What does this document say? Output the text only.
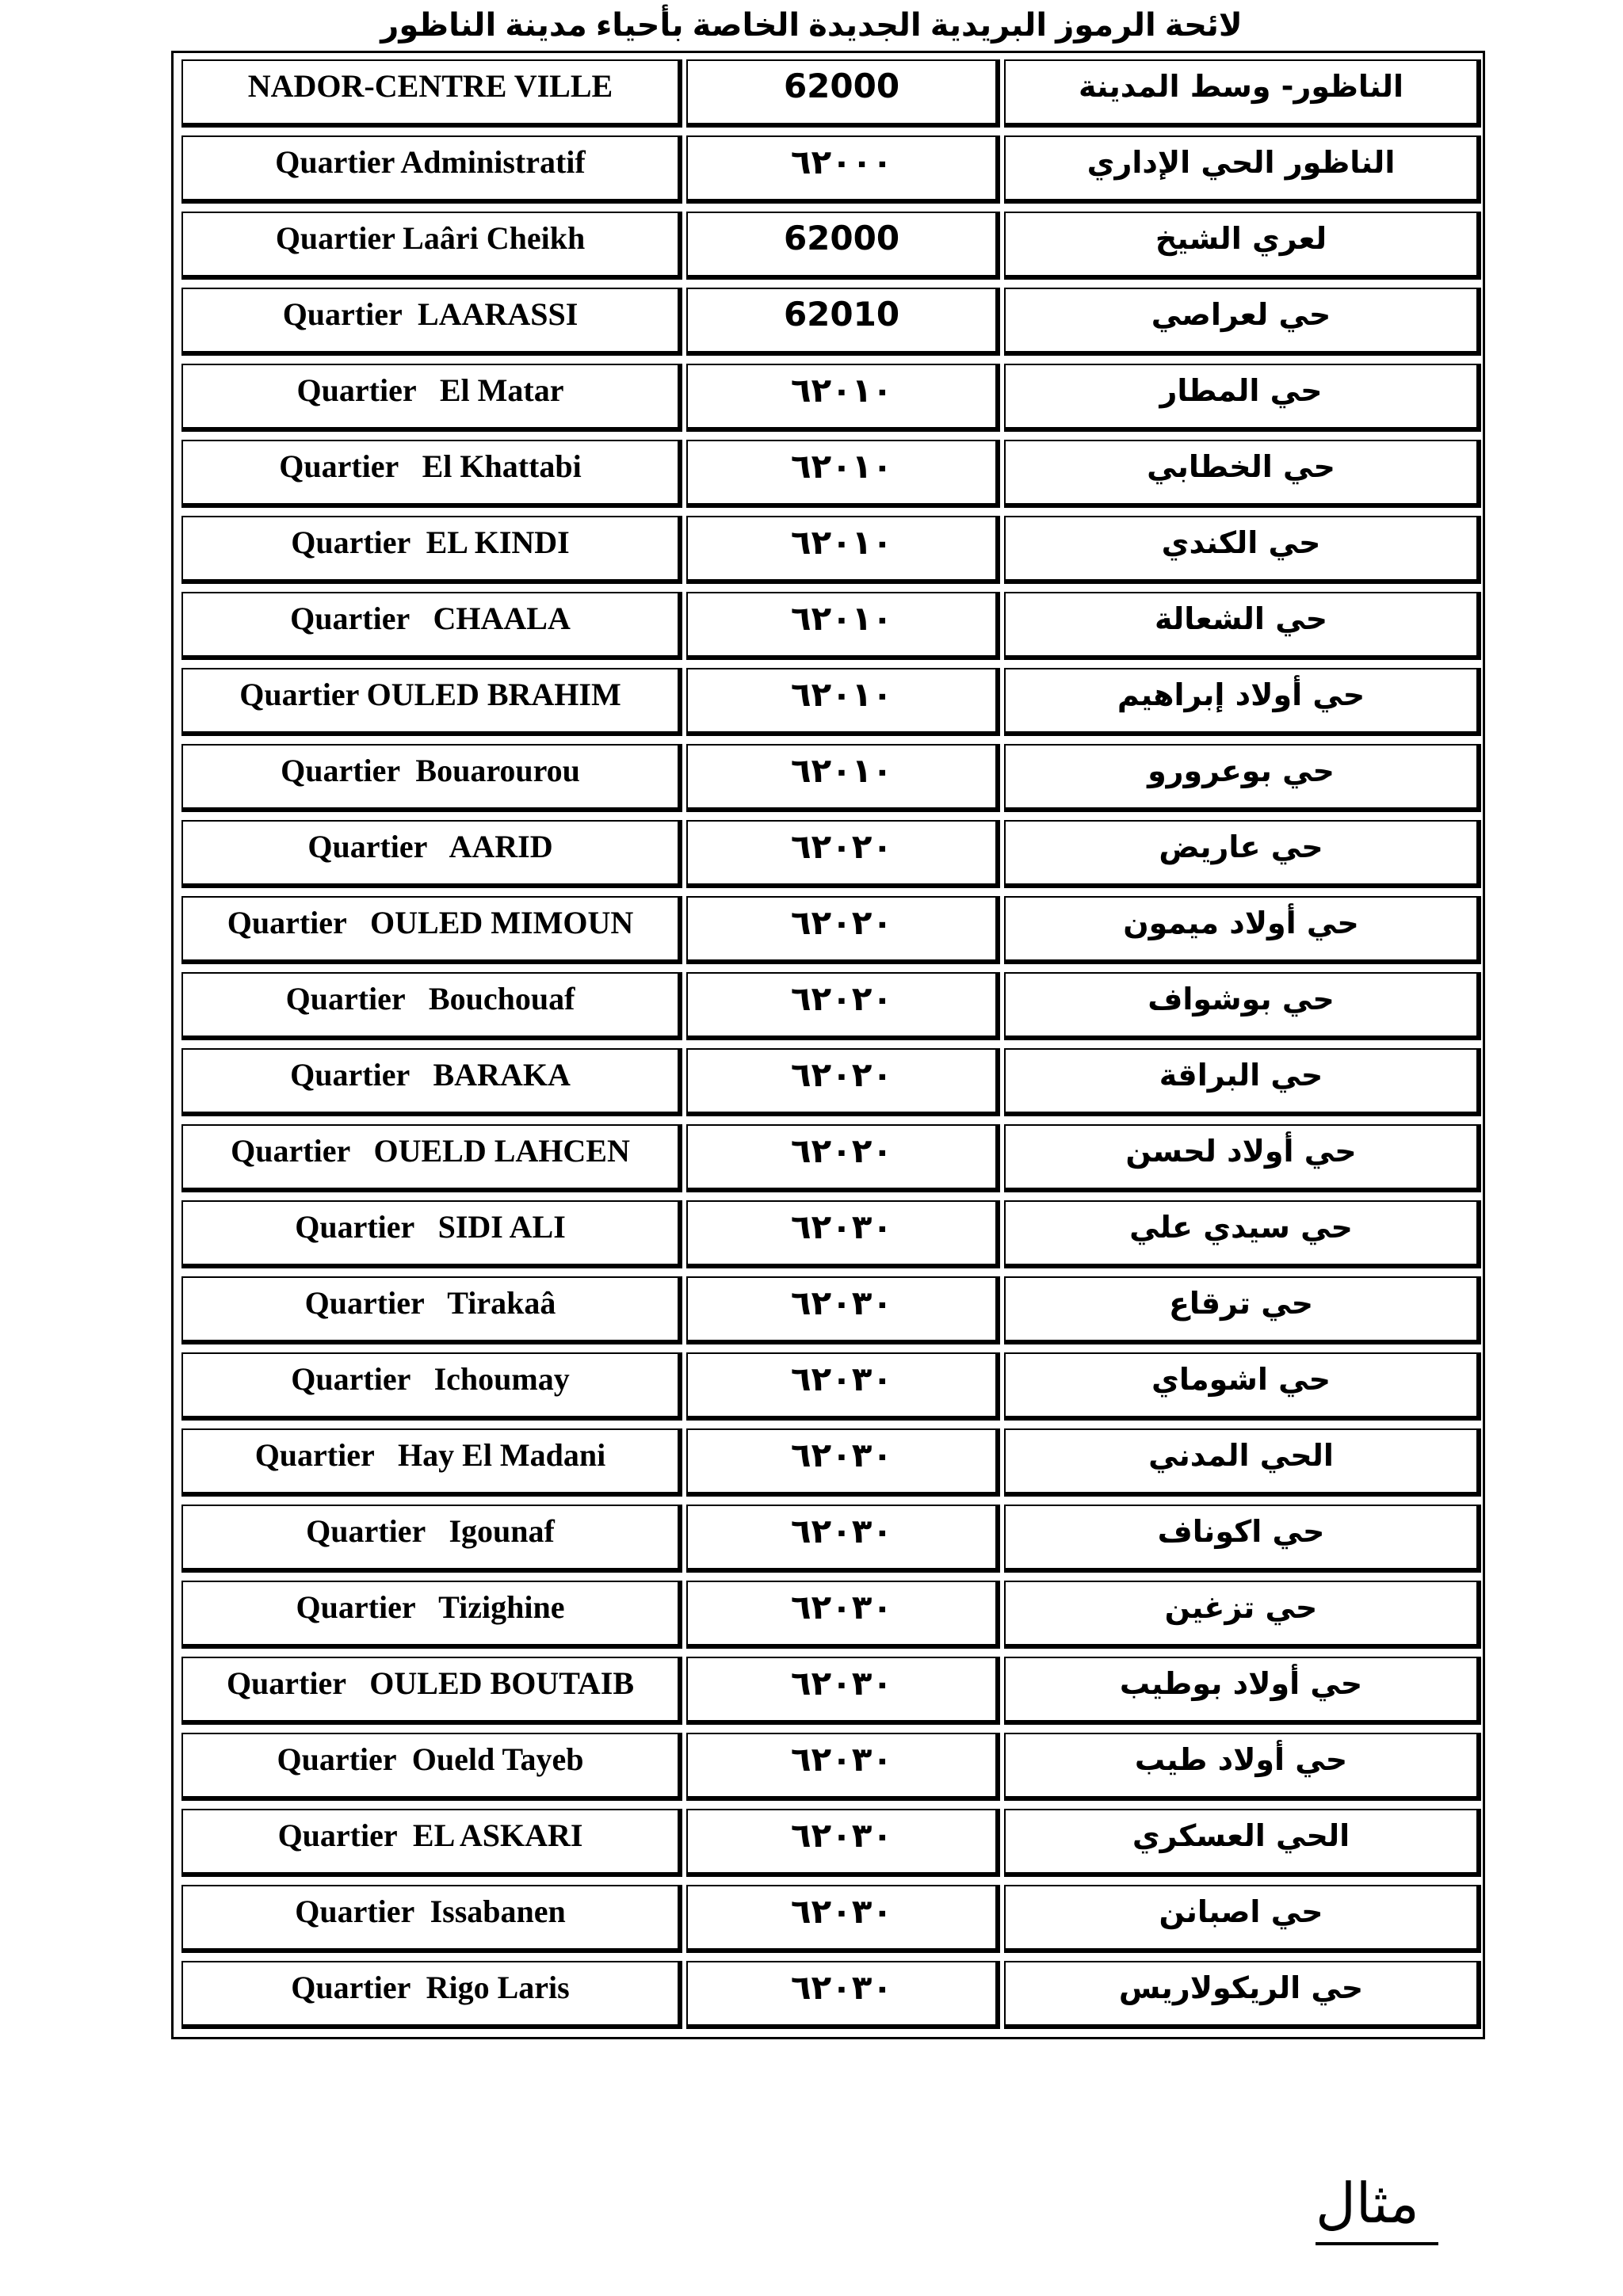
لائحة الرموز البريدية الجديدة الخاصة بأحياء مدينة الناظور
NADOR-CENTRE VILLE	62000	الناظور- وسط المدينة
Quartier Administratif	٦٢٠٠٠	الناظور الحي الإداري
Quartier Laâri Cheikh	62000	لعري الشيخ
Quartier  LAARASSI	62010	حي لعراصي
Quartier   El Matar	٦٢٠١٠	حي المطار
Quartier   El Khattabi	٦٢٠١٠	حي الخطابي
Quartier  EL KINDI	٦٢٠١٠	حي الكندي
Quartier   CHAALA	٦٢٠١٠	حي الشعالة
Quartier OULED BRAHIM	٦٢٠١٠	حي أولاد إبراهيم
Quartier  Bouarourou	٦٢٠١٠	حي بوعرورو
Quartier   AARID	٦٢٠٢٠	حي عاريض
Quartier   OULED MIMOUN	٦٢٠٢٠	حي أولاد ميمون
Quartier   Bouchouaf	٦٢٠٢٠	حي بوشواف
Quartier   BARAKA	٦٢٠٢٠	حي البراقة
Quartier   OUELD LAHCEN	٦٢٠٢٠	حي أولاد لحسن
Quartier   SIDI ALI	٦٢٠٣٠	حي سيدي علي
Quartier   Tirakaâ	٦٢٠٣٠	حي ترقاع
Quartier   Ichoumay	٦٢٠٣٠	حي اشوماي
Quartier   Hay El Madani	٦٢٠٣٠	الحي المدني
Quartier   Igounaf	٦٢٠٣٠	حي اكوناف
Quartier   Tizighine	٦٢٠٣٠	حي تزغين
Quartier   OULED BOUTAIB	٦٢٠٣٠	حي أولاد بوطيب
Quartier  Oueld Tayeb	٦٢٠٣٠	حي أولاد طيب
Quartier  EL ASKARI	٦٢٠٣٠	الحي العسكري
Quartier  Issabanen	٦٢٠٣٠	حي اصبانن
Quartier  Rigo Laris	٦٢٠٣٠	حي الريكولاريس
مثال
